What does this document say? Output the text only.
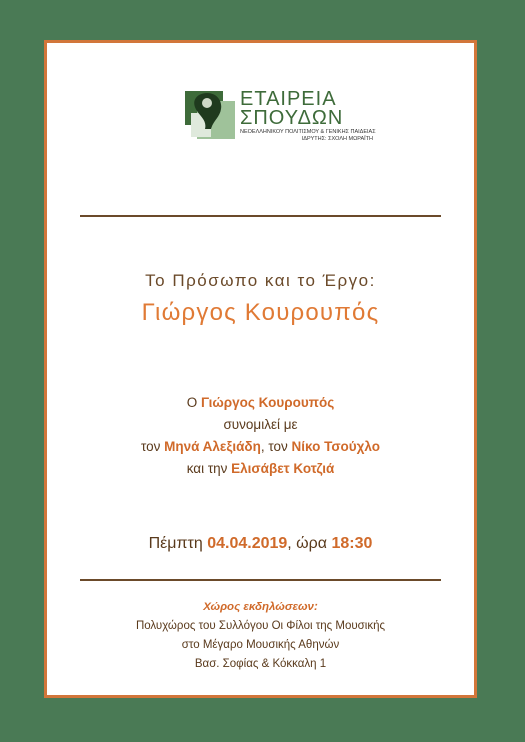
ΕΤΑΙΡΕΙΑ
ΣΠΟΥΔΩΝ
ΝΕΟΕΛΛΗΝΙΚΟΥ ΠΟΛΙΤΙΣΜΟΥ & ΓΕΝΙΚΗΣ ΠΑΙΔΕΙΑΣ
ΙΔΡΥΤΗΣ: ΣΧΟΛΗ ΜΩΡΑΪΤΗ
Το Πρόσωπο και το Έργο:
Γιώργος Κουρουπός
Ο Γιώργος Κουρουπός
συνομιλεί με
τον Μηνά Αλεξιάδη, τον Νίκο Τσούχλο
και την Ελισάβετ Κοτζιά
Πέμπτη 04.04.2019, ώρα 18:30
Χώρος εκδηλώσεων:
Πολυχώρος του Συλλόγου Οι Φίλοι της Μουσικής
στο Μέγαρο Μουσικής Αθηνών
Βασ. Σοφίας & Κόκκαλη 1
